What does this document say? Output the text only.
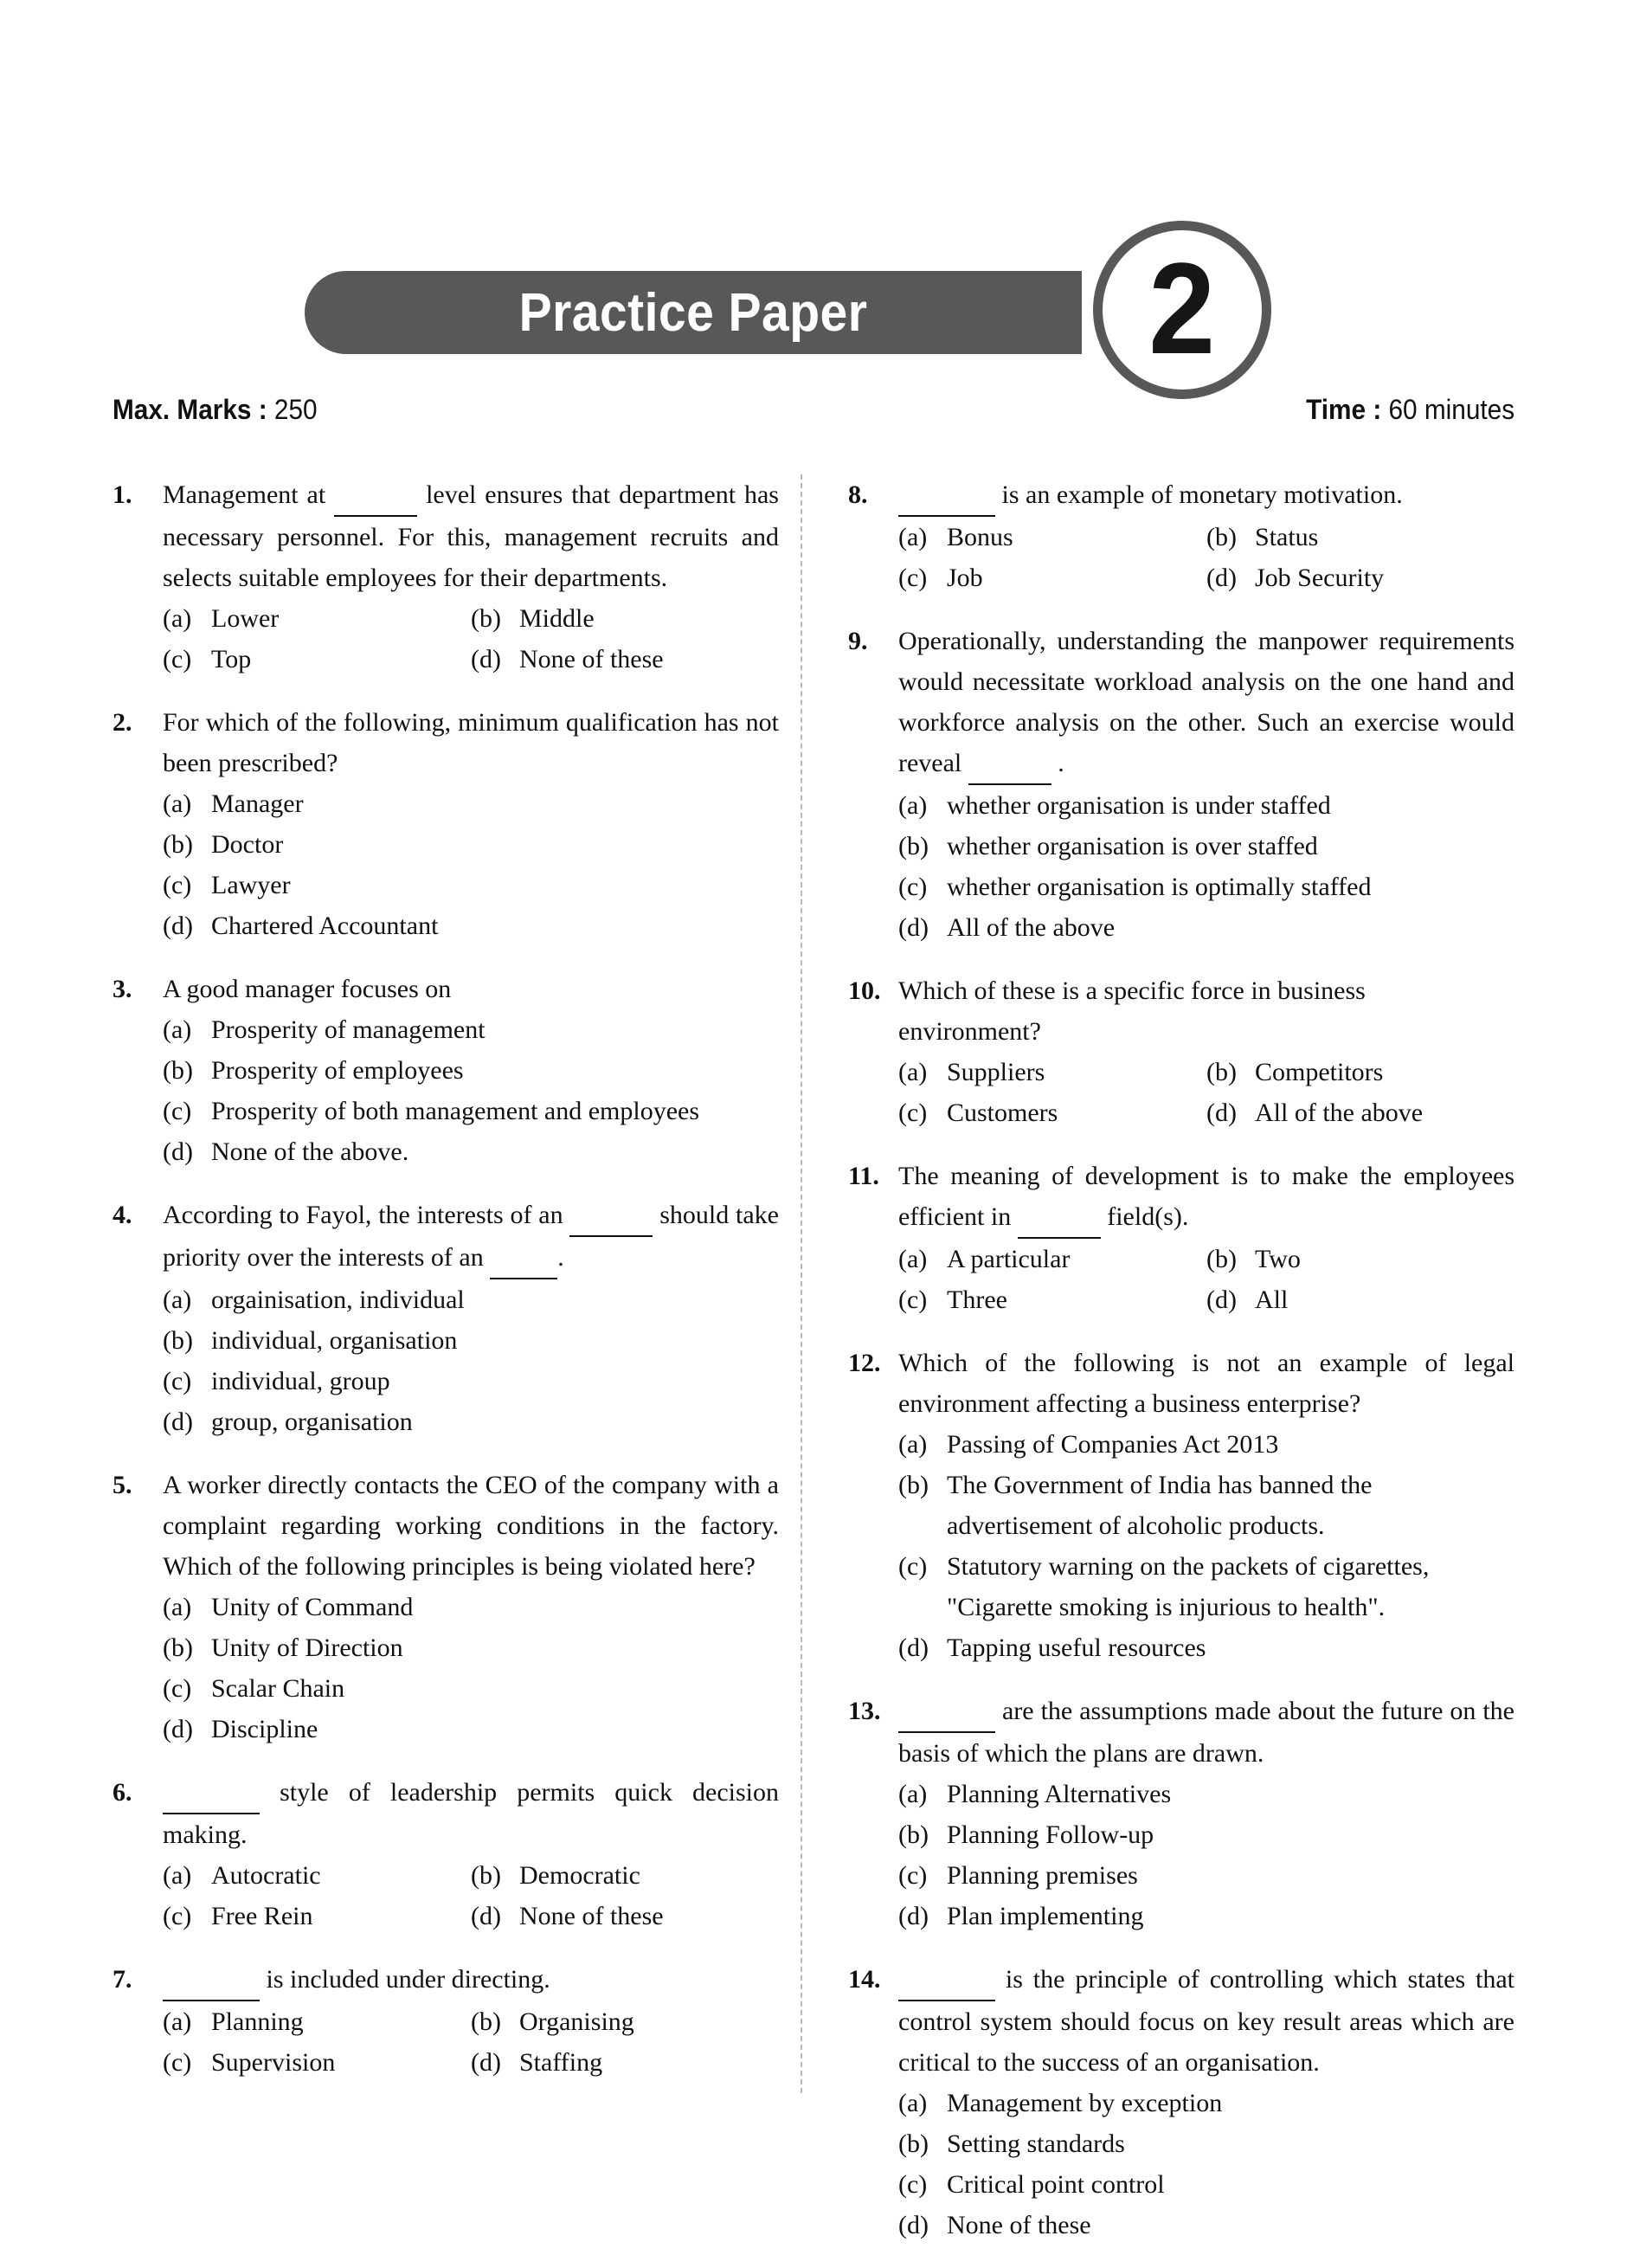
Practice Paper	2
Max. Marks : 250	Time : 60 minutes
1.	Management at	level ensures that department has necessary personnel. For this, management recruits and selects suitable employees for their departments.
(a) Lower	(b) Middle
(c) Top	(d) None of these
2.	For which of the following, minimum qualification has not been prescribed?
(a) Manager
(b) Doctor
(c) Lawyer
(d) Chartered Accountant
3.	A good manager focuses on
(a) Prosperity of management
(b) Prosperity of employees
(c) Prosperity of both management and employees
(d) None of the above.
4.	According to Fayol, the interests of an	should take priority over the interests of an	.
(a) orgainisation, individual
(b) individual, organisation
(c) individual, group
(d) group, organisation
5.	A worker directly contacts the CEO of the company with a complaint regarding working conditions in the factory. Which of the following principles is being violated here?
(a) Unity of Command
(b) Unity of Direction
(c) Scalar Chain
(d) Discipline
6.	style of leadership permits quick decision making.
(a) Autocratic	(b) Democratic
(c) Free Rein	(d) None of these
7.	is included under directing.
(a) Planning	(b) Organising
(c) Supervision	(d) Staffing
8.	is an example of monetary motivation.
(a) Bonus	(b) Status
(c) Job	(d) Job Security
9.	Operationally, understanding the manpower requirements would necessitate workload analysis on the one hand and workforce analysis on the other. Such an exercise would reveal	.
(a) whether organisation is under staffed
(b) whether organisation is over staffed
(c) whether organisation is optimally staffed
(d) All of the above
10. Which of these is a specific force in business environment?
(a) Suppliers	(b) Competitors
(c) Customers	(d) All of the above
11. The meaning of development is to make the employees efficient in	field(s).
(a) A particular	(b) Two
(c) Three	(d) All
12. Which of the following is not an example of legal environment affecting a business enterprise?
(a) Passing of Companies Act 2013
(b) The Government of India has banned the advertisement of alcoholic products.
(c) Statutory warning on the packets of cigarettes, "Cigarette smoking is injurious to health".
(d) Tapping useful resources
13.	are the assumptions made about the future on the basis of which the plans are drawn.
(a) Planning Alternatives
(b) Planning Follow-up
(c) Planning premises
(d) Plan implementing
14.	is the principle of controlling which states that control system should focus on key result areas which are critical to the success of an organisation.
(a) Management by exception
(b) Setting standards
(c) Critical point control
(d) None of these
